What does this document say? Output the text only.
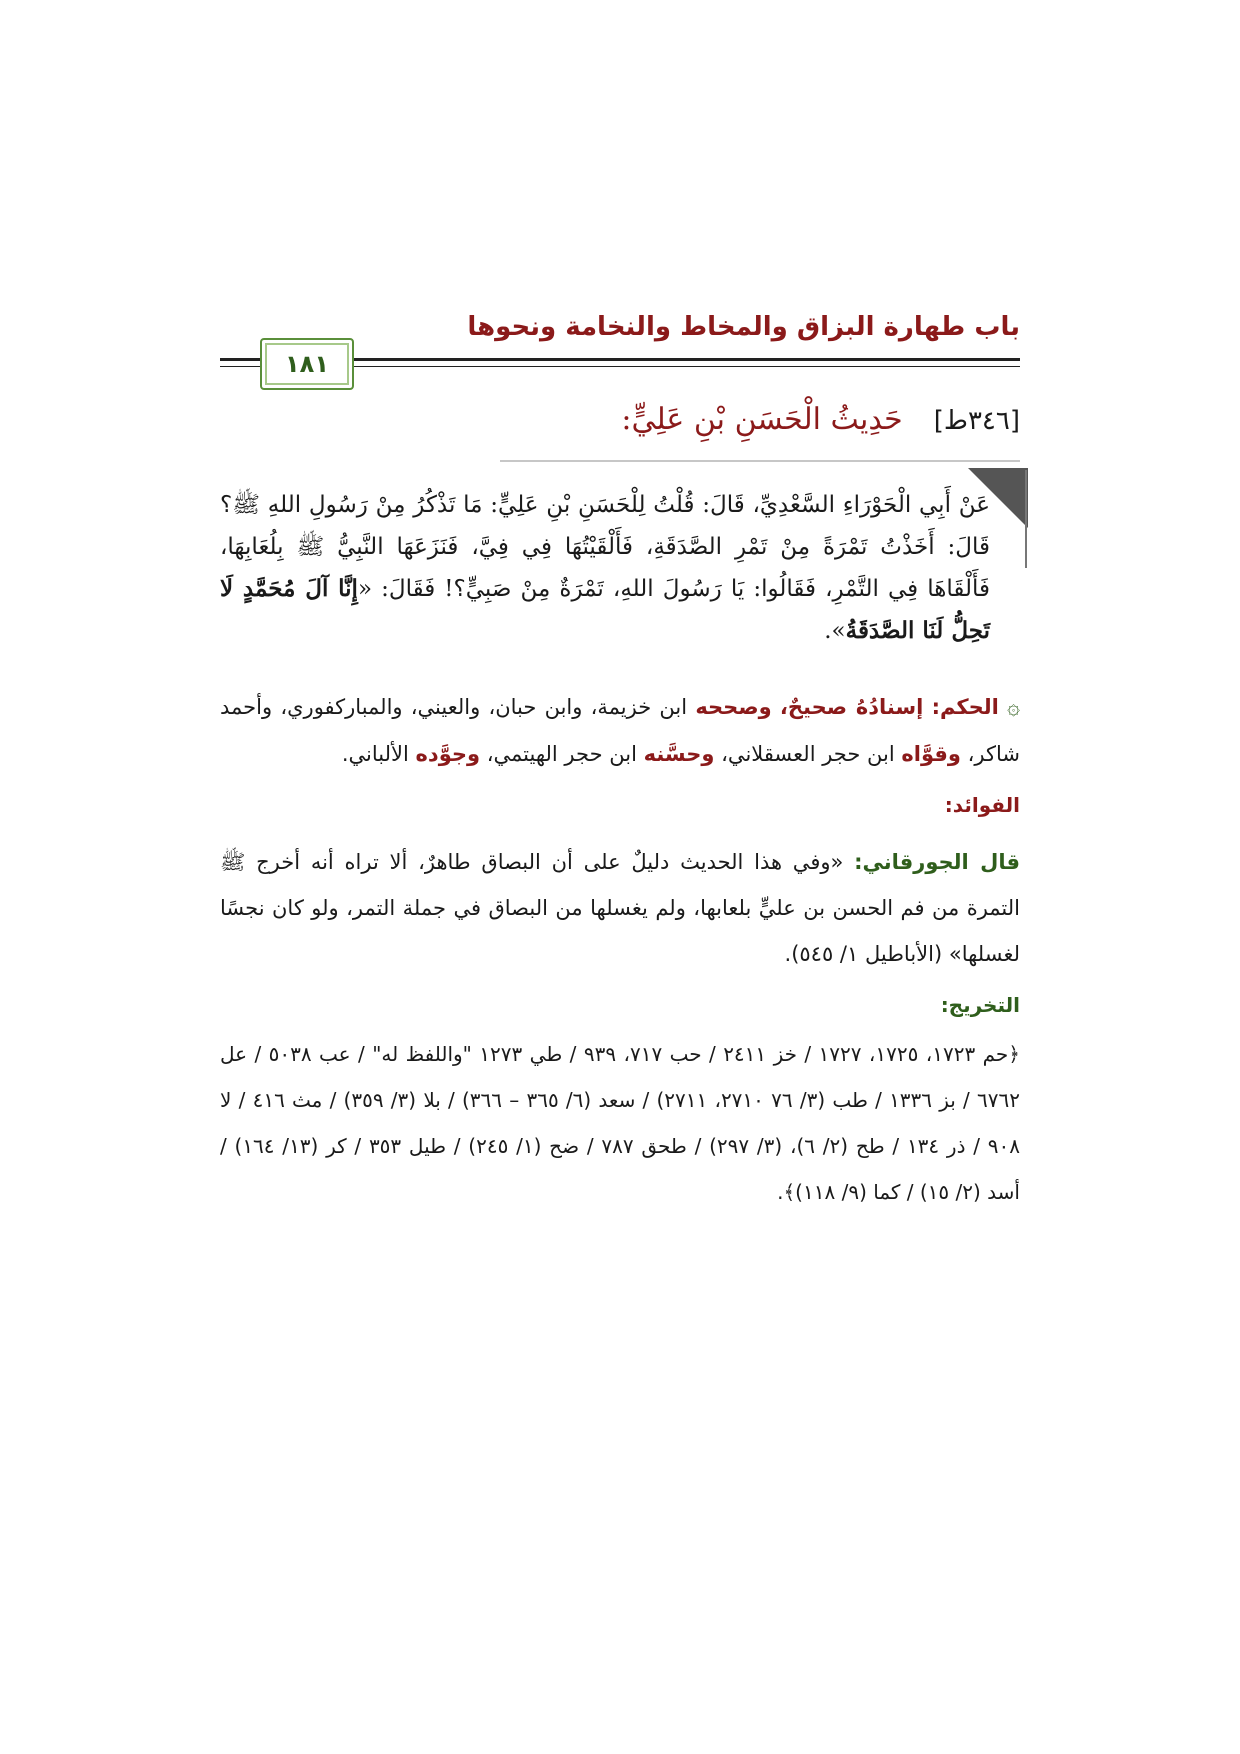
باب طهارة البزاق والمخاط والنخامة ونحوها
١٨١
[٣٤٦ط] حَدِيثُ الْحَسَنِ بْنِ عَلِيٍّ:

عَنْ أَبِي الْحَوْرَاءِ السَّعْدِيِّ، قَالَ: قُلْتُ لِلْحَسَنِ بْنِ عَلِيٍّ: مَا تَذْكُرُ مِنْ رَسُولِ اللهِ ﷺ؟ قَالَ: أَخَذْتُ تَمْرَةً مِنْ تَمْرِ الصَّدَقَةِ، فَأَلْقَيْتُهَا فِي فِيَّ، فَنَزَعَهَا النَّبِيُّ ﷺ بِلُعَابِهَا، فَأَلْقَاهَا فِي التَّمْرِ، فَقَالُوا: يَا رَسُولَ اللهِ، تَمْرَةٌ مِنْ صَبِيٍّ؟! فَقَالَ: «إِنَّا آلَ مُحَمَّدٍ لَا تَحِلُّ لَنَا الصَّدَقَةُ».

۞ الحكم: إسنادُهُ صحيحٌ، وصححه ابن خزيمة، وابن حبان، والعيني، والمباركفوري، وأحمد شاكر، وقوَّاه ابن حجر العسقلاني، وحسَّنه ابن حجر الهيتمي، وجوَّده الألباني.

الفوائد:

قال الجورقاني: «وفي هذا الحديث دليلٌ على أن البصاق طاهرٌ، ألا تراه أنه أخرج ﷺ التمرة من فم الحسن بن عليٍّ بلعابها، ولم يغسلها من البصاق في جملة التمر، ولو كان نجسًا لغسلها» (الأباطيل ١/ ٥٤٥).

التخريج:

﴿حم ١٧٢٣، ١٧٢٥، ١٧٢٧ / خز ٢٤١١ / حب ٧١٧، ٩٣٩ / طي ١٢٧٣ "واللفظ له" / عب ٥٠٣٨ / عل ٦٧٦٢ / بز ١٣٣٦ / طب (٣/ ٧٦ ٢٧١٠، ٢٧١١) / سعد (٦/ ٣٦٥ – ٣٦٦) / بلا (٣/ ٣٥٩) / مث ٤١٦ / لا ٩٠٨ / ذر ١٣٤ / طح (٢/ ٦)، (٣/ ٢٩٧) / طحق ٧٨٧ / ضح (١/ ٢٤٥) / طيل ٣٥٣ / كر (١٣/ ١٦٤) / أسد (٢/ ١٥) / كما (٩/ ١١٨)﴾.
